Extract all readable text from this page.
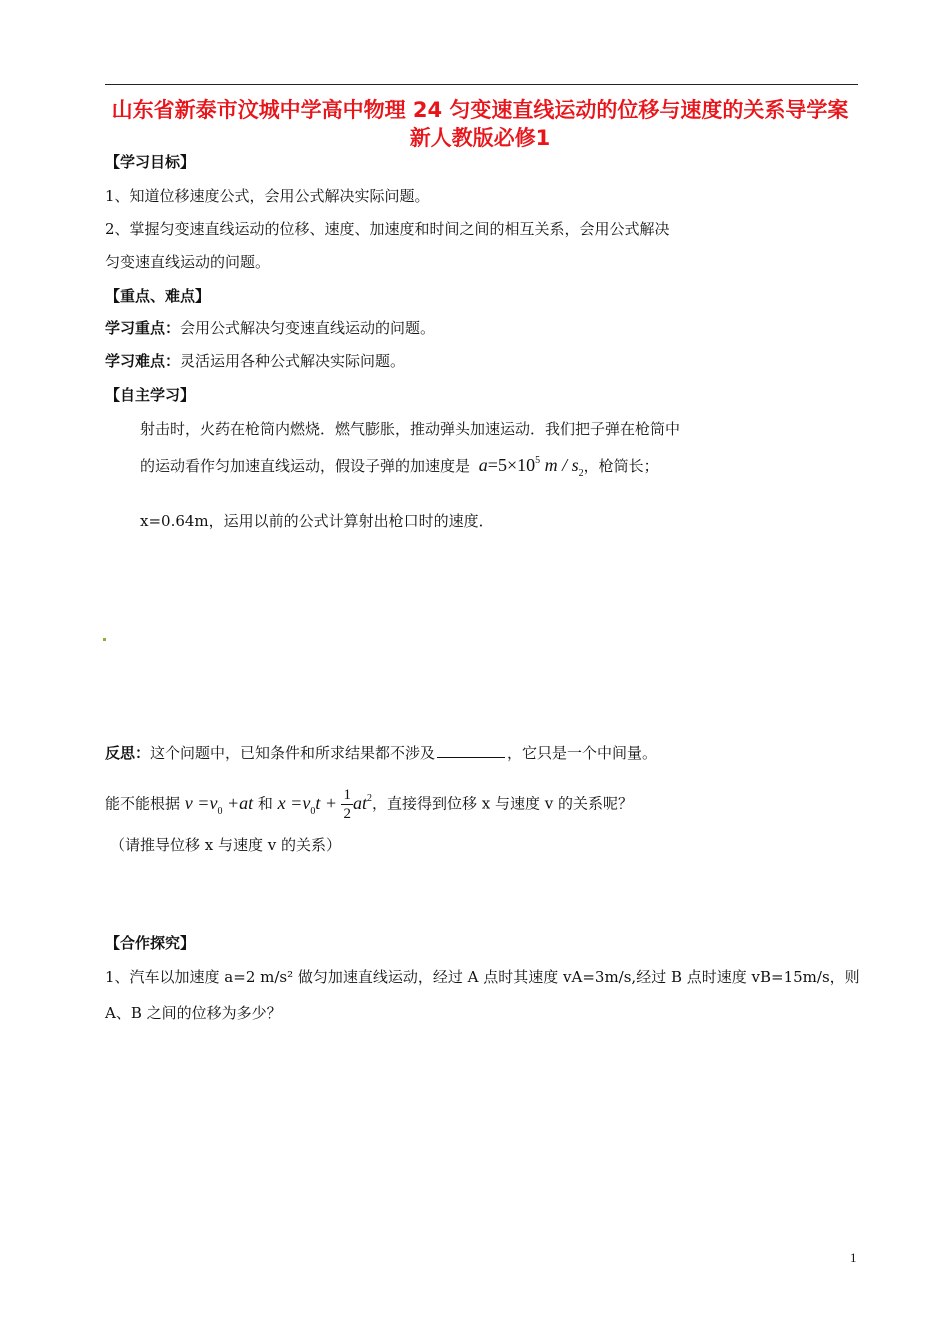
山东省新泰市汶城中学高中物理 24 匀变速直线运动的位移与速度的关系导学案 新人教版必修1
【学习目标】
1、知道位移速度公式，会用公式解决实际问题。
2、掌握匀变速直线运动的位移、速度、加速度和时间之间的相互关系，会用公式解决
匀变速直线运动的问题。
【重点、难点】
学习重点：会用公式解决匀变速直线运动的问题。
学习难点：灵活运用各种公式解决实际问题。
【自主学习】
射击时，火药在枪筒内燃烧．燃气膨胀，推动弹头加速运动．我们把子弹在枪筒中
的运动看作匀加速直线运动，假设子弹的加速度是 $a=5\times 10^5$ m / $s_2$，枪筒长；
x=0.64m，运用以前的公式计算射出枪口时的速度．
反思：这个问题中，已知条件和所求结果都不涉及	，它只是一个中间量。
能不能根据 $v =v_0 +at$ 和 $x =v_0t + \frac{1}{2} at^2$，直接得到位移 x 与速度 v 的关系呢？
（请推导位移 x 与速度 v 的关系）
【合作探究】
1、汽车以加速度 a=2 m/s² 做匀加速直线运动，经过 A 点时其速度 vA=3m/s,经过 B 点时速度 vB=15m/s，则
A、B 之间的位移为多少？
1
